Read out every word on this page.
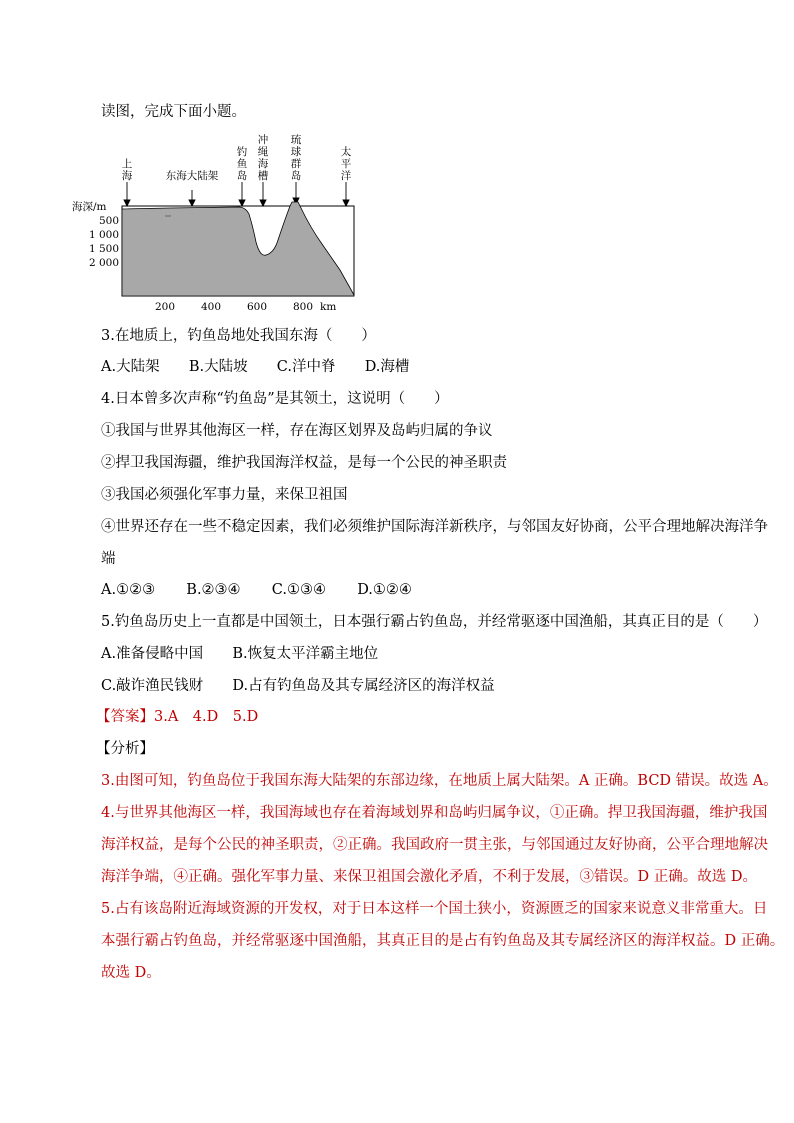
读图，完成下面小题。
上
海	东海大陆架
钓
鱼
岛
冲
绳
海
槽
琉
球
群
岛
太
平
洋
海深/m
500
1 000
1 500
2 000
200 400 600 800 km
3.在地质上，钓鱼岛地处我国东海（　　）
A.大陆架 B.大陆坡 C.洋中脊 D.海槽
4.日本曾多次声称“钓鱼岛”是其领土，这说明（　　）
①我国与世界其他海区一样，存在海区划界及岛屿归属的争议
②捍卫我国海疆，维护我国海洋权益，是每一个公民的神圣职责
③我国必须强化军事力量，来保卫祖国
④世界还存在一些不稳定因素，我们必须维护国际海洋新秩序，与邻国友好协商，公平合理地解决海洋争
端
A.①②③ B.②③④ C.①③④ D.①②④
5.钓鱼岛历史上一直都是中国领土，日本强行霸占钓鱼岛，并经常驱逐中国渔船，其真正目的是（　　）
A.准备侵略中国 B.恢复太平洋霸主地位
C.敲诈渔民钱财 D.占有钓鱼岛及其专属经济区的海洋权益
【答案】3.A　4.D　5.D
【分析】
3.由图可知，钓鱼岛位于我国东海大陆架的东部边缘，在地质上属大陆架。A 正确。BCD 错误。故选 A。
4.与世界其他海区一样，我国海域也存在着海域划界和岛屿归属争议，①正确。捍卫我国海疆，维护我国
海洋权益，是每个公民的神圣职责，②正确。我国政府一贯主张，与邻国通过友好协商，公平合理地解决
海洋争端，④正确。强化军事力量、来保卫祖国会激化矛盾，不利于发展，③错误。D 正确。故选 D。
5.占有该岛附近海域资源的开发权，对于日本这样一个国土狭小，资源匮乏的国家来说意义非常重大。日
本强行霸占钓鱼岛，并经常驱逐中国渔船，其真正目的是占有钓鱼岛及其专属经济区的海洋权益。D 正确。
故选 D。
